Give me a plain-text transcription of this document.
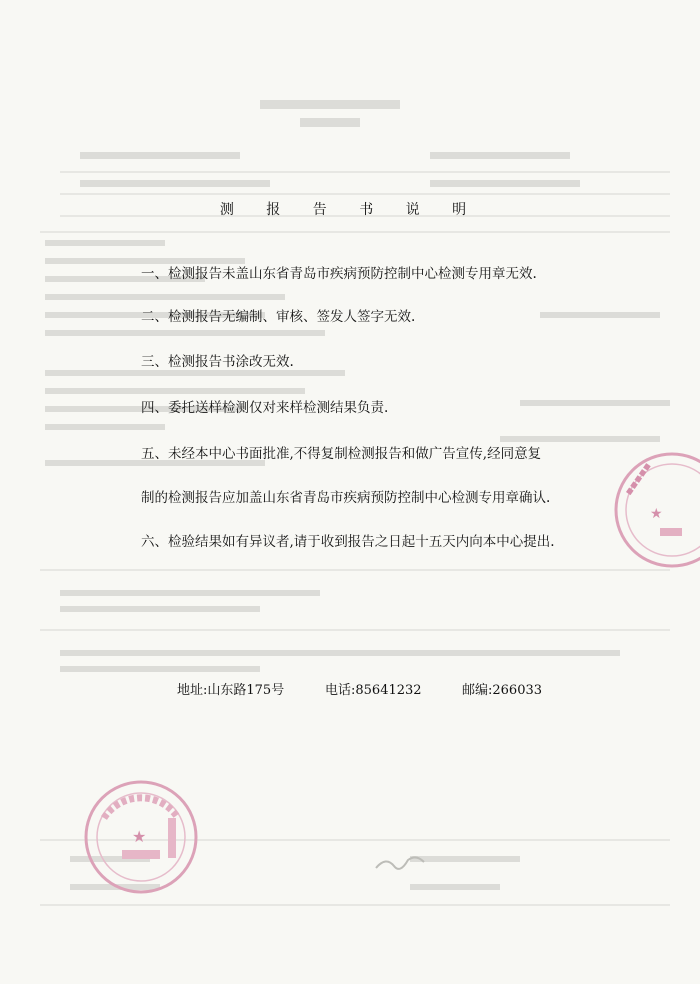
测 报 告 书 说 明
一、检测报告未盖山东省青岛市疾病预防控制中心检测专用章无效.
二、检测报告无编制、审核、签发人签字无效.
三、检测报告书涂改无效.
四、委托送样检测仅对来样检测结果负责.
五、未经本中心书面批准,不得复制检测报告和做广告宣传,经同意复
制的检测报告应加盖山东省青岛市疾病预防控制中心检测专用章确认.
六、检验结果如有异议者,请于收到报告之日起十五天内向本中心提出.
地址:山东路175号	电话:85641232	邮编:266033
▪▪▪▪▪
★
★
